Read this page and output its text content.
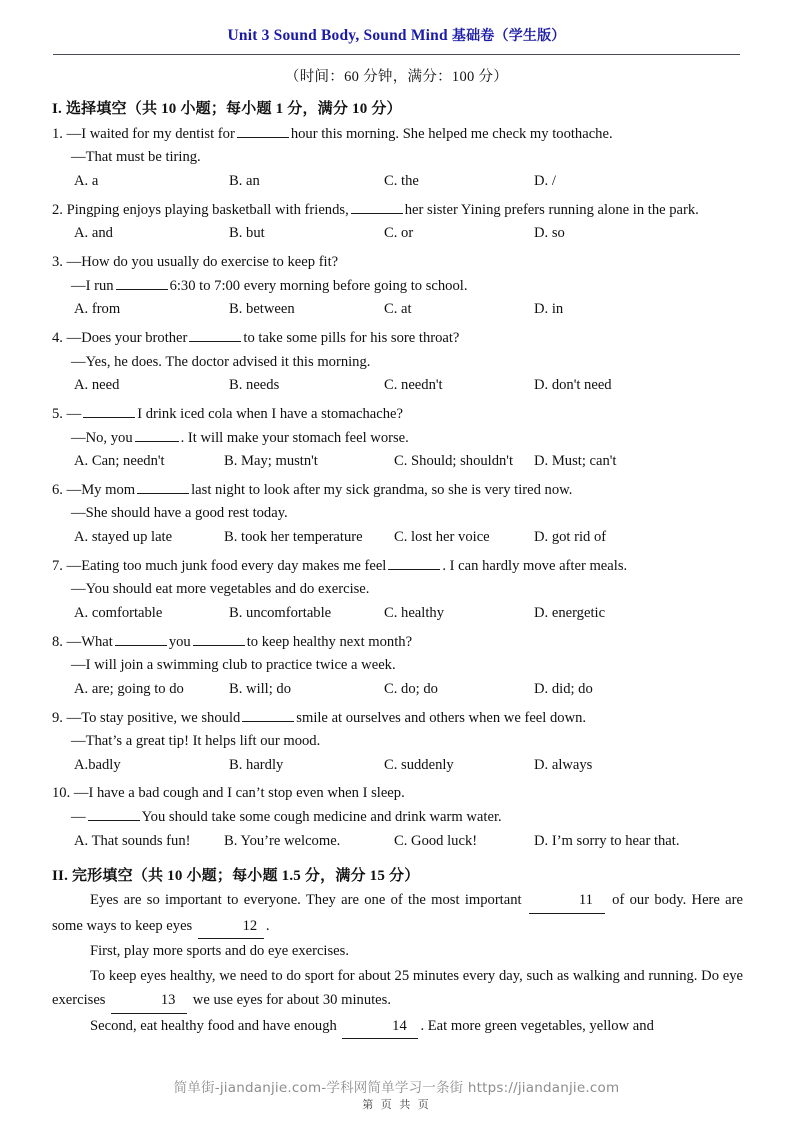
Unit 3 Sound Body, Sound Mind 基础卷（学生版）
（时间：60 分钟，满分：100 分）
I. 选择填空（共 10 小题；每小题 1 分，满分 10 分）
1. —I waited for my dentist for	hour this morning. She helped me check my toothache.
—That must be tiring.
A. a	B. an	C. the	D. /
2. Pingping enjoys playing basketball with friends,	her sister Yining prefers running alone in the park.
A. and	B. but	C. or	D. so
3. —How do you usually do exercise to keep fit?
—I run	6:30 to 7:00 every morning before going to school.
A. from	B. between	C. at	D. in
4. —Does your brother	to take some pills for his sore throat?
—Yes, he does. The doctor advised it this morning.
A. need	B. needs	C. needn't	D. don't need
5. —	I drink iced cola when I have a stomachache?
—No, you	. It will make your stomach feel worse.
A. Can; needn't	B. May; mustn't	C. Should; shouldn't	D. Must; can't
6. —My mom	last night to look after my sick grandma, so she is very tired now.
—She should have a good rest today.
A. stayed up late	B. took her temperature	C. lost her voice	D. got rid of
7. —Eating too much junk food every day makes me feel	. I can hardly move after meals.
—You should eat more vegetables and do exercise.
A. comfortable	B. uncomfortable	C. healthy	D. energetic
8. —What	you	to keep healthy next month?
—I will join a swimming club to practice twice a week.
A. are; going to do	B. will; do	C. do; do	D. did; do
9. —To stay positive, we should	smile at ourselves and others when we feel down.
—That’s a great tip! It helps lift our mood.
A.badly	B. hardly	C. suddenly	D. always
10. —I have a bad cough and I can’t stop even when I sleep.
—	You should take some cough medicine and drink warm water.
A. That sounds fun!	B. You’re welcome.	C. Good luck!	D. I’m sorry to hear that.
II. 完形填空（共 10 小题；每小题 1.5 分，满分 15 分）

Eyes are so important to everyone. They are one of the most important	11 of our body. Here are some ways to keep eyes	12 .

First, play more sports and do eye exercises.

To keep eyes healthy, we need to do sport for about 25 minutes every day, such as walking and running. Do eye exercises	13 we use eyes for about 30 minutes.

Second, eat healthy food and have enough	14 . Eat more green vegetables, yellow and

简单街-jiandanjie.com-学科网简单学习一条街 https://jiandanjie.com
第 页 共 页
